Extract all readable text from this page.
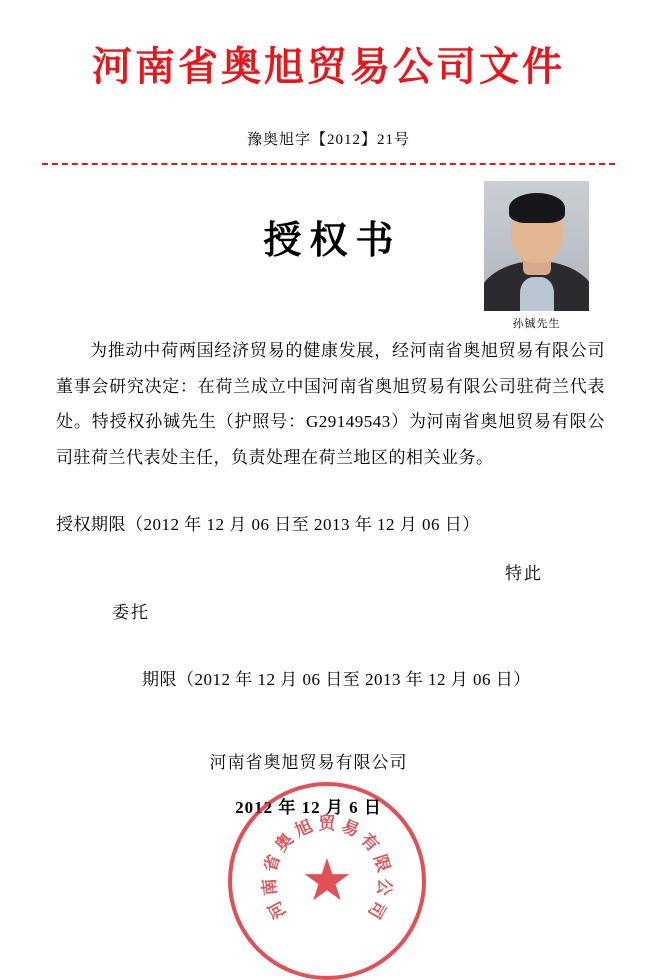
河南省奥旭贸易公司文件
豫奥旭字【2012】21号
授权书
孙铖先生

为推动中荷两国经济贸易的健康发展，经河南省奥旭贸易有限公司董事会研究决定：在荷兰成立中国河南省奥旭贸易有限公司驻荷兰代表处。特授权孙铖先生（护照号：G29149543）为河南省奥旭贸易有限公司驻荷兰代表处主任，负责处理在荷兰地区的相关业务。

授权期限（2012 年 12 月 06 日至 2013 年 12 月 06 日）
特此
委托
期限（2012 年 12 月 06 日至 2013 年 12 月 06 日）
河南省奥旭贸易有限公司
2012 年 12 月 6 日
河
南
省
奥
旭 贸 易
有
限
公
司
★
